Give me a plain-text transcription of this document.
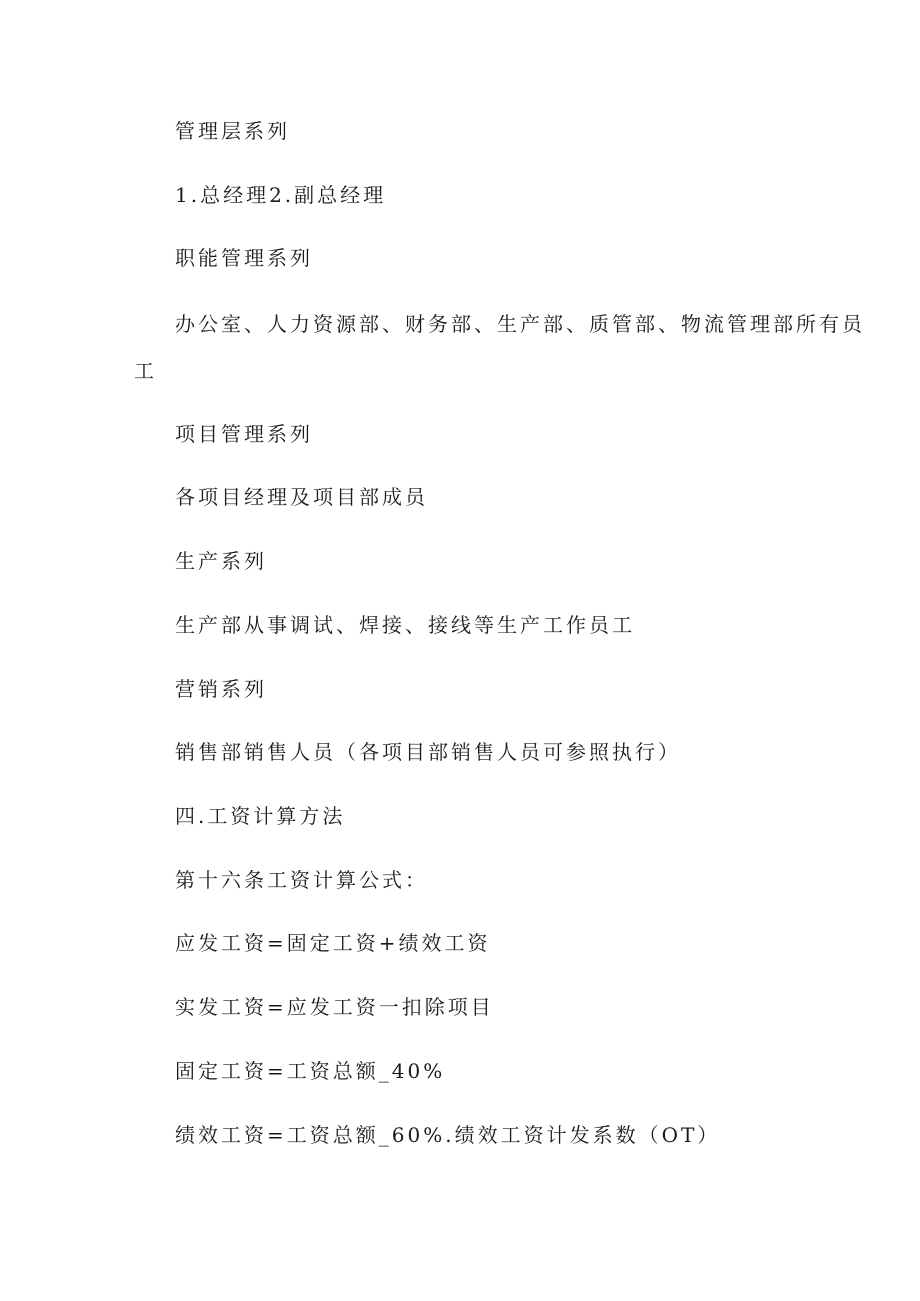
管理层系列
1.总经理2.副总经理
职能管理系列
办公室、人力资源部、财务部、生产部、质管部、物流管理部所有员
工
项目管理系列
各项目经理及项目部成员
生产系列
生产部从事调试、焊接、接线等生产工作员工
营销系列
销售部销售人员（各项目部销售人员可参照执行）
四.工资计算方法
第十六条工资计算公式：
应发工资=固定工资+绩效工资
实发工资=应发工资一扣除项目
固定工资=工资总额_40%
绩效工资=工资总额_60%.绩效工资计发系数（OT）
